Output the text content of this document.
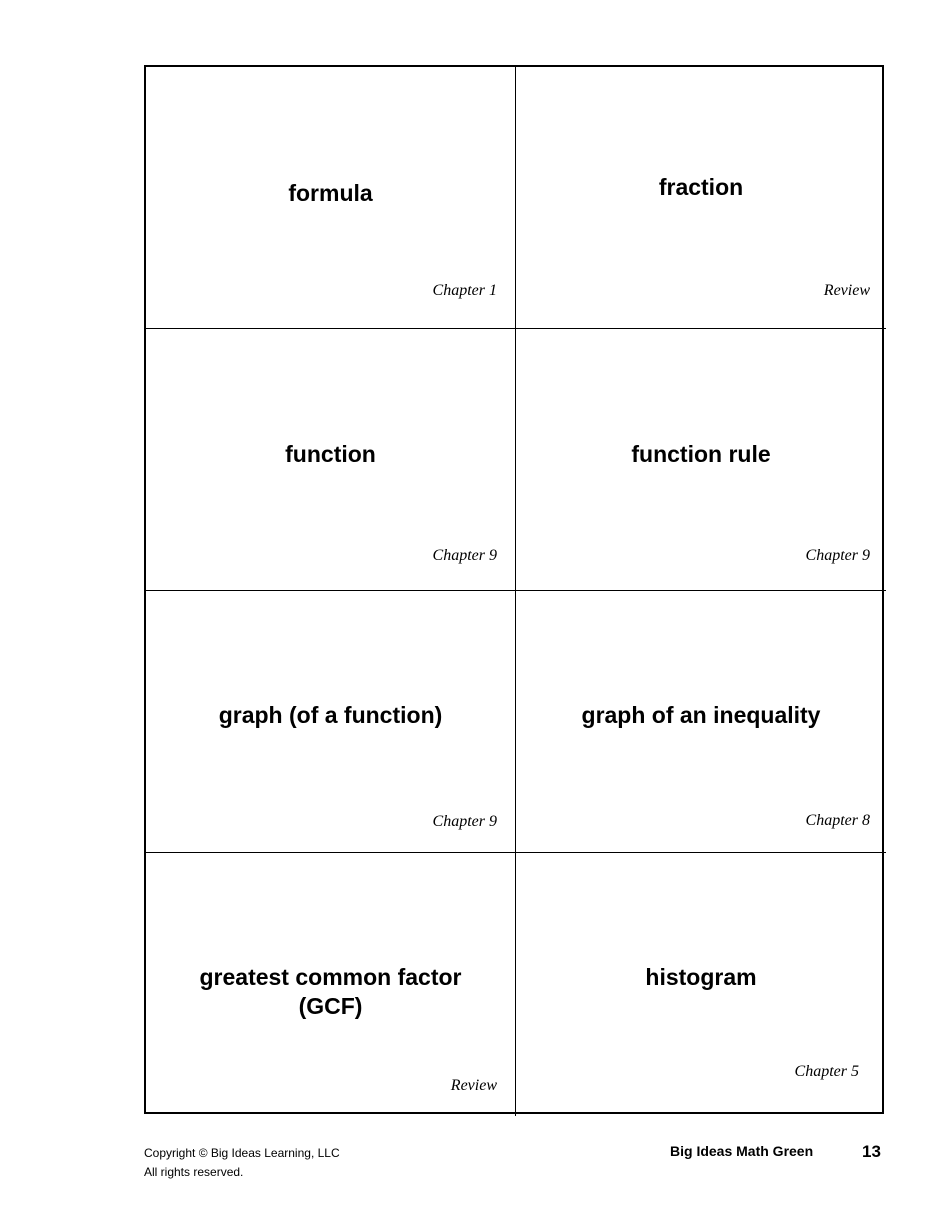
formula
Chapter 1
fraction
Review
function
Chapter 9
function rule
Chapter 9
graph (of a function)
Chapter 9
graph of an inequality
Chapter 8
greatest common factor
(GCF)
Review
histogram
Chapter 5
Copyright © Big Ideas Learning, LLC
All rights reserved.
Big Ideas Math Green	13
